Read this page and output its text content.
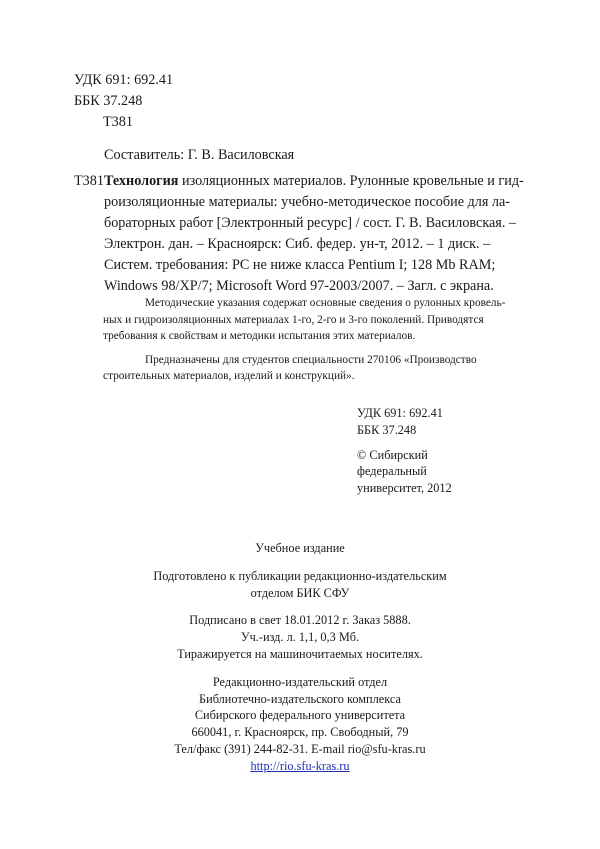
УДК 691: 692.41
ББК 37.248
Т381
Составитель: Г. В. Василовская
Т381 Технология изоляционных материалов. Рулонные кровельные и гид-
роизоляционные материалы: учебно-методическое пособие для ла-
бораторных работ [Электронный ресурс] / сост. Г. В. Василовская. –
Электрон. дан. – Красноярск: Сиб. федер. ун-т, 2012. – 1 диск. –
Систем. требования: PC не ниже класса Pentium I; 128 Mb RAM;
Windows 98/XP/7; Microsoft Word 97-2003/2007. – Загл. с экрана.
Методические указания содержат основные сведения о рулонных кровель-
ных и гидроизоляционных материалах 1-го, 2-го и 3-го поколений. Приводятся
требования к свойствам и методики испытания этих материалов.
Предназначены для студентов специальности 270106 «Производство
строительных материалов, изделий и конструкций».
УДК 691: 692.41
ББК 37.248
© Сибирский
федеральный
университет, 2012
Учебное издание
Подготовлено к публикации редакционно-издательским
отделом БИК СФУ
Подписано в свет 18.01.2012 г. Заказ 5888.
Уч.-изд. л. 1,1, 0,3 Мб.
Тиражируется на машиночитаемых носителях.
Редакционно-издательский отдел
Библиотечно-издательского комплекса
Сибирского федерального университета
660041, г. Красноярск, пр. Свободный, 79
Тел/факс (391) 244-82-31. E-mail rio@sfu-kras.ru
http://rio.sfu-kras.ru
